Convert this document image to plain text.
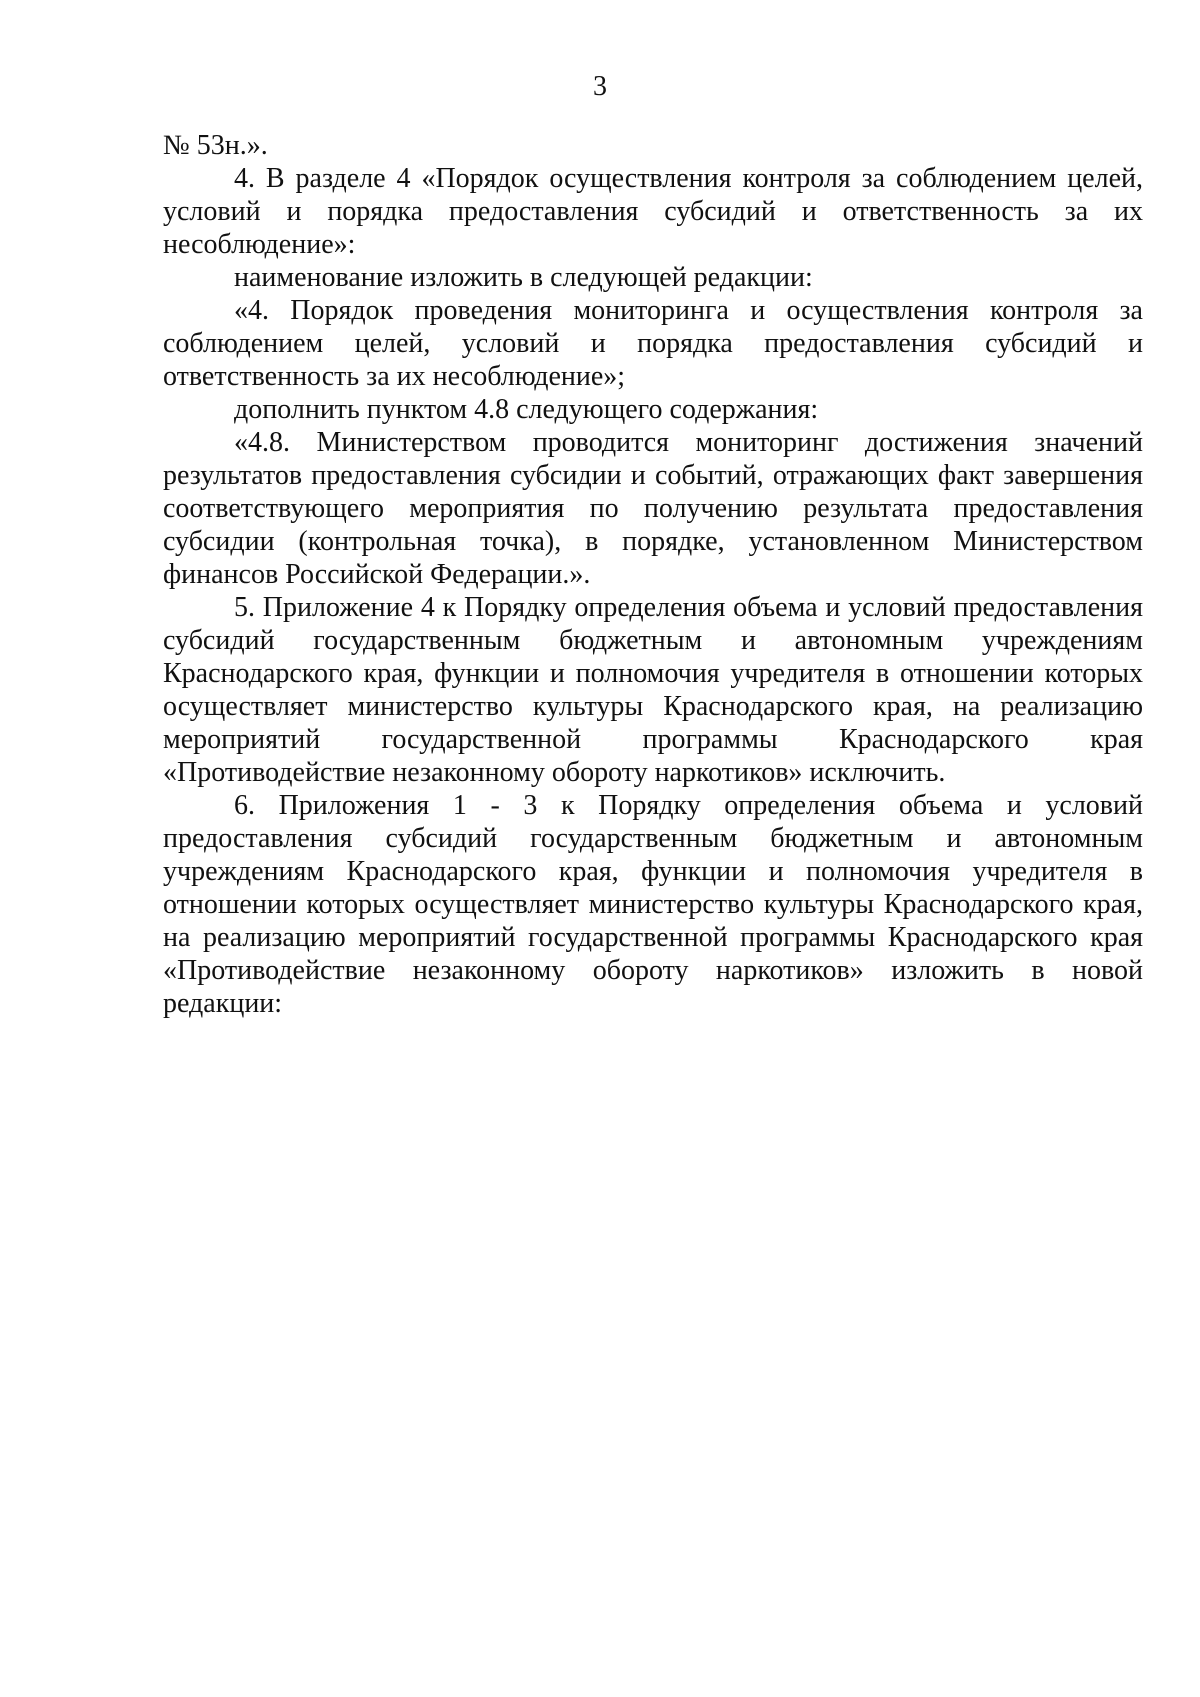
3

№ 53н.».

4. В разделе 4 «Порядок осуществления контроля за соблюдением целей, условий и порядка предоставления субсидий и ответственность за их несоблюдение»:

наименование изложить в следующей редакции:

«4. Порядок проведения мониторинга и осуществления контроля за соблюдением целей, условий и порядка предоставления субсидий и ответственность за их несоблюдение»;

дополнить пунктом 4.8 следующего содержания:

«4.8. Министерством проводится мониторинг достижения значений результатов предоставления субсидии и событий, отражающих факт завершения соответствующего мероприятия по получению результата предоставления субсидии (контрольная точка), в порядке, установленном Министерством финансов Российской Федерации.».

5. Приложение 4 к Порядку определения объема и условий предоставления субсидий государственным бюджетным и автономным учреждениям Краснодарского края, функции и полномочия учредителя в отношении которых осуществляет министерство культуры Краснодарского края, на реализацию мероприятий государственной программы Краснодарского края «Противодействие незаконному обороту наркотиков» исключить.

6. Приложения 1 - 3 к Порядку определения объема и условий предоставления субсидий государственным бюджетным и автономным учреждениям Краснодарского края, функции и полномочия учредителя в отношении которых осуществляет министерство культуры Краснодарского края, на реализацию мероприятий государственной программы Краснодарского края «Противодействие незаконному обороту наркотиков» изложить в новой редакции:
